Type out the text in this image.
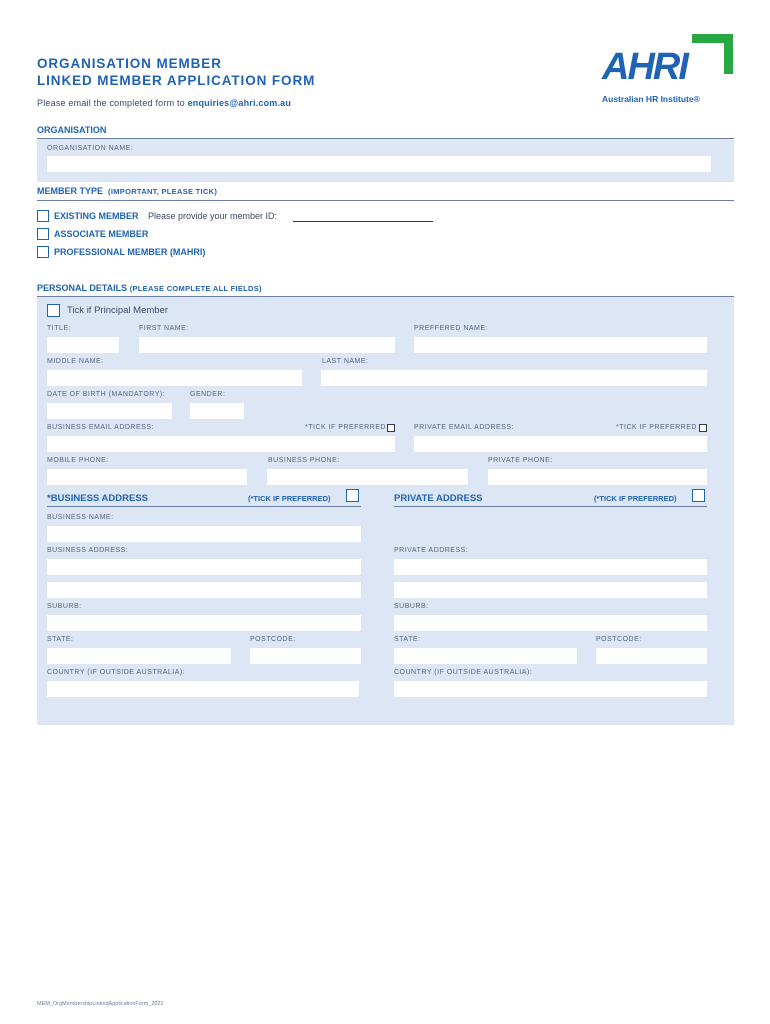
ORGANISATION MEMBER
LINKED MEMBER APPLICATION FORM
Please email the completed form to enquiries@ahri.com.au
AHRI
Australian HR Institute®
ORGANISATION
ORGANISATION NAME:
MEMBER TYPE (IMPORTANT, PLEASE TICK)
EXISTING MEMBER Please provide your member ID:
ASSOCIATE MEMBER
PROFESSIONAL MEMBER (MAHRI)
PERSONAL DETAILS (PLEASE COMPLETE ALL FIELDS)
Tick if Principal Member
TITLE:	FIRST NAME:	PREFFERED NAME:
MIDDLE NAME:	LAST NAME:
DATE OF BIRTH (MANDATORY):	GENDER:
BUSINESS EMAIL ADDRESS:	*TICK IF PREFERRED	PRIVATE EMAIL ADDRESS:	*TICK IF PREFERRED
MOBILE PHONE:	BUSINESS PHONE:	PRIVATE PHONE:
*BUSINESS ADDRESS	(*TICK IF PREFERRED)	PRIVATE ADDRESS	(*TICK IF PREFERRED)
BUSINESS NAME:
BUSINESS ADDRESS:	PRIVATE ADDRESS:
SUBURB:	SUBURB:
STATE:	POSTCODE:	STATE:	POSTCODE:
COUNTRY (IF OUTSIDE AUSTRALIA):	COUNTRY (IF OUTSIDE AUSTRALIA):
MEM_OrgMembershipLinkedApplicationForm_2022
